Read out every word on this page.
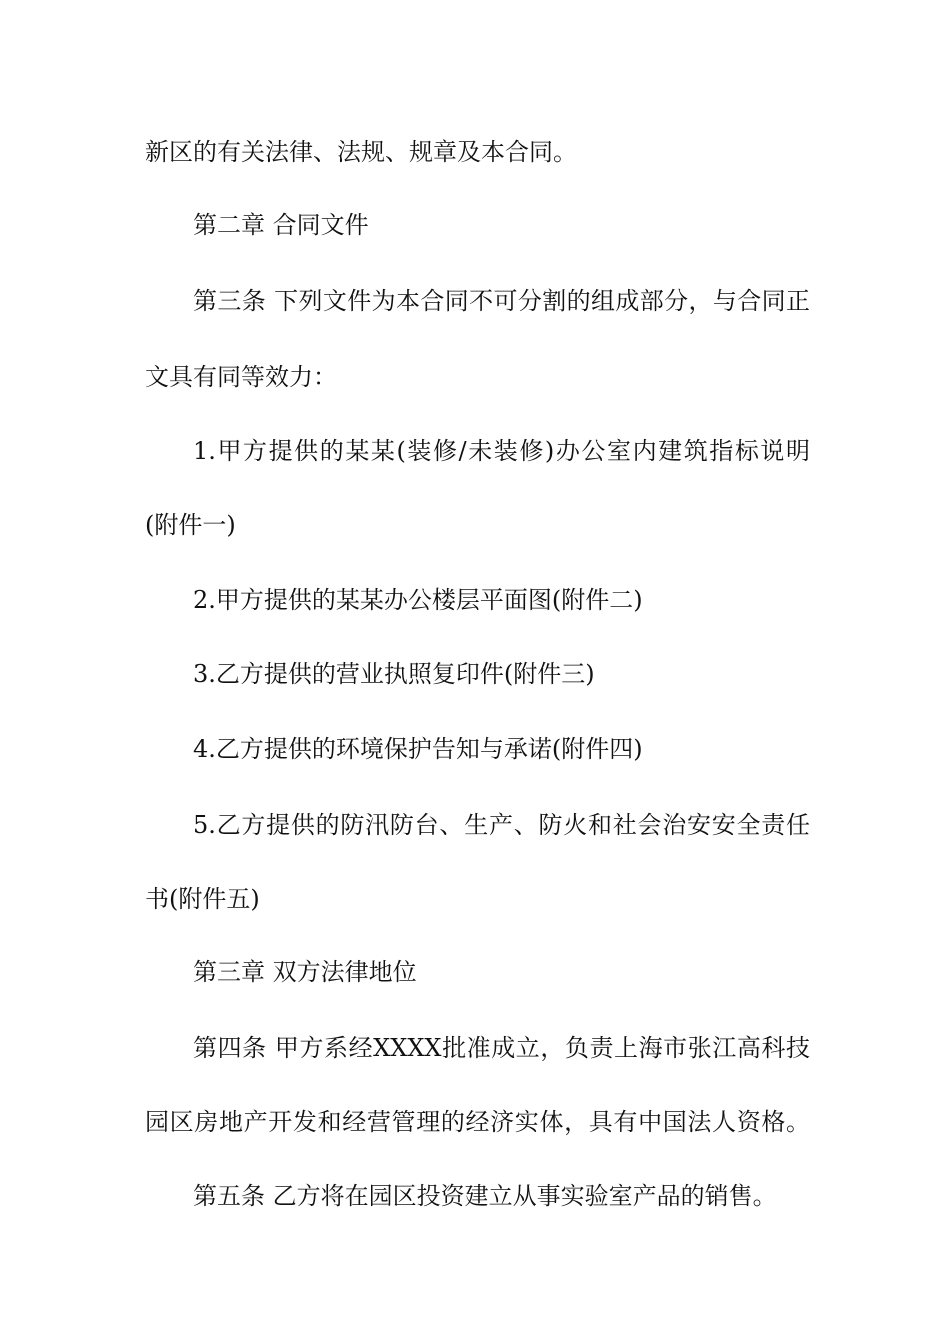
新区的有关法律、法规、规章及本合同。

第二章 合同文件

第三条 下列文件为本合同不可分割的组成部分，与合同正

文具有同等效力：

1.甲方提供的某某(装修/未装修)办公室内建筑指标说明

(附件一)

2.甲方提供的某某办公楼层平面图(附件二)

3.乙方提供的营业执照复印件(附件三)

4.乙方提供的环境保护告知与承诺(附件四)

5.乙方提供的防汛防台、生产、防火和社会治安安全责任

书(附件五)

第三章 双方法律地位

第四条 甲方系经XXXX批准成立，负责上海市张江高科技

园区房地产开发和经营管理的经济实体，具有中国法人资格。

第五条 乙方将在园区投资建立从事实验室产品的销售。
